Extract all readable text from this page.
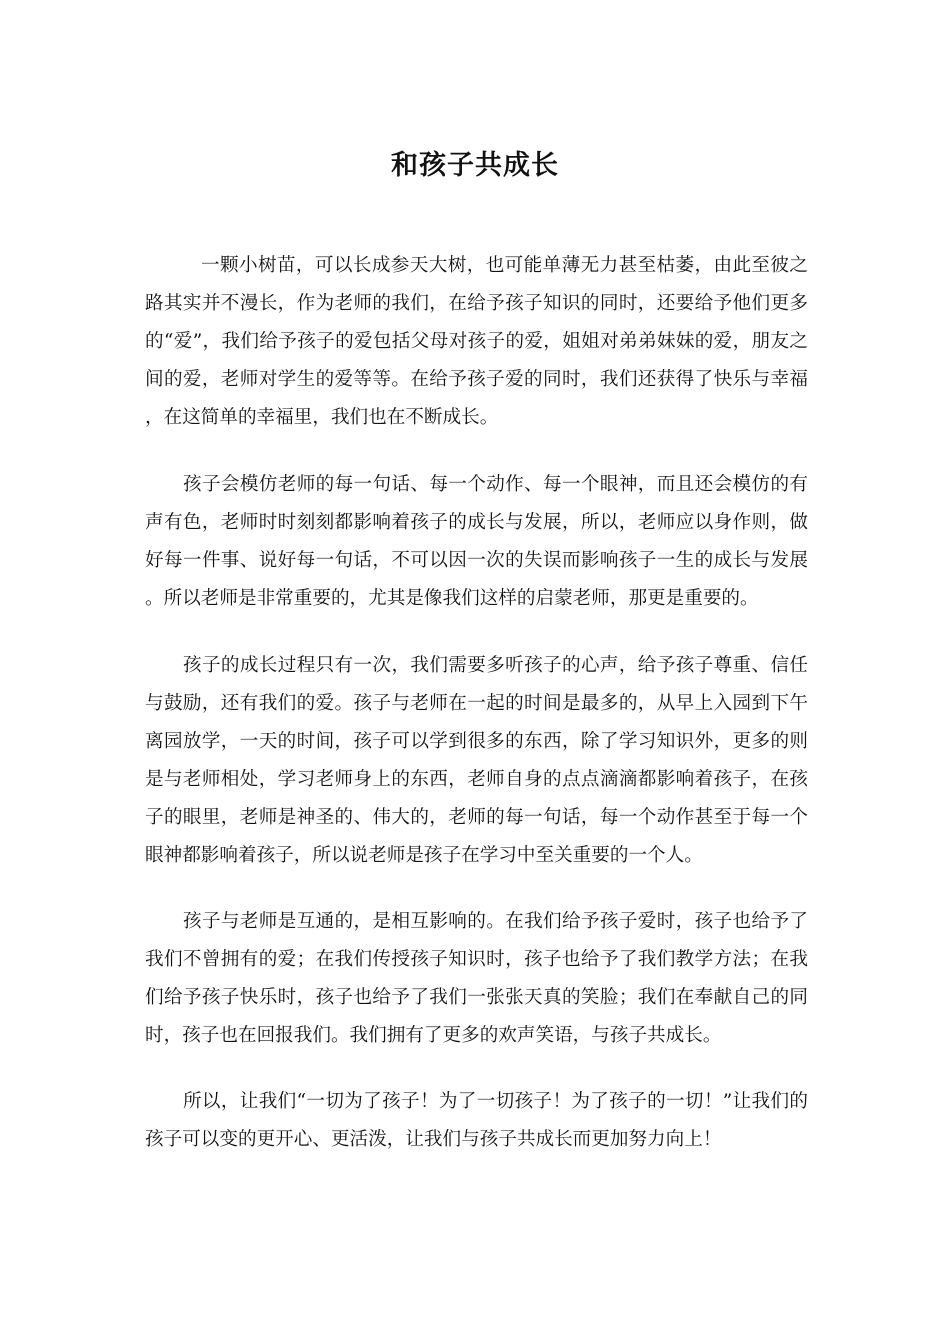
和孩子共成长

一颗小树苗，可以长成参天大树，也可能单薄无力甚至枯萎，由此至彼之路其实并不漫长，作为老师的我们，在给予孩子知识的同时，还要给予他们更多的“爱”，我们给予孩子的爱包括父母对孩子的爱，姐姐对弟弟妹妹的爱，朋友之间的爱，老师对学生的爱等等。在给予孩子爱的同时，我们还获得了快乐与幸福，在这简单的幸福里，我们也在不断成长。

孩子会模仿老师的每一句话、每一个动作、每一个眼神，而且还会模仿的有声有色，老师时时刻刻都影响着孩子的成长与发展，所以，老师应以身作则，做好每一件事、说好每一句话，不可以因一次的失误而影响孩子一生的成长与发展。所以老师是非常重要的，尤其是像我们这样的启蒙老师，那更是重要的。

孩子的成长过程只有一次，我们需要多听孩子的心声，给予孩子尊重、信任与鼓励，还有我们的爱。孩子与老师在一起的时间是最多的，从早上入园到下午离园放学，一天的时间，孩子可以学到很多的东西，除了学习知识外，更多的则是与老师相处，学习老师身上的东西，老师自身的点点滴滴都影响着孩子，在孩子的眼里，老师是神圣的、伟大的，老师的每一句话，每一个动作甚至于每一个眼神都影响着孩子，所以说老师是孩子在学习中至关重要的一个人。

孩子与老师是互通的，是相互影响的。在我们给予孩子爱时，孩子也给予了我们不曾拥有的爱；在我们传授孩子知识时，孩子也给予了我们教学方法；在我们给予孩子快乐时，孩子也给予了我们一张张天真的笑脸；我们在奉献自己的同时，孩子也在回报我们。我们拥有了更多的欢声笑语，与孩子共成长。

所以，让我们“一切为了孩子！为了一切孩子！为了孩子的一切！”让我们的孩子可以变的更开心、更活泼，让我们与孩子共成长而更加努力向上！
